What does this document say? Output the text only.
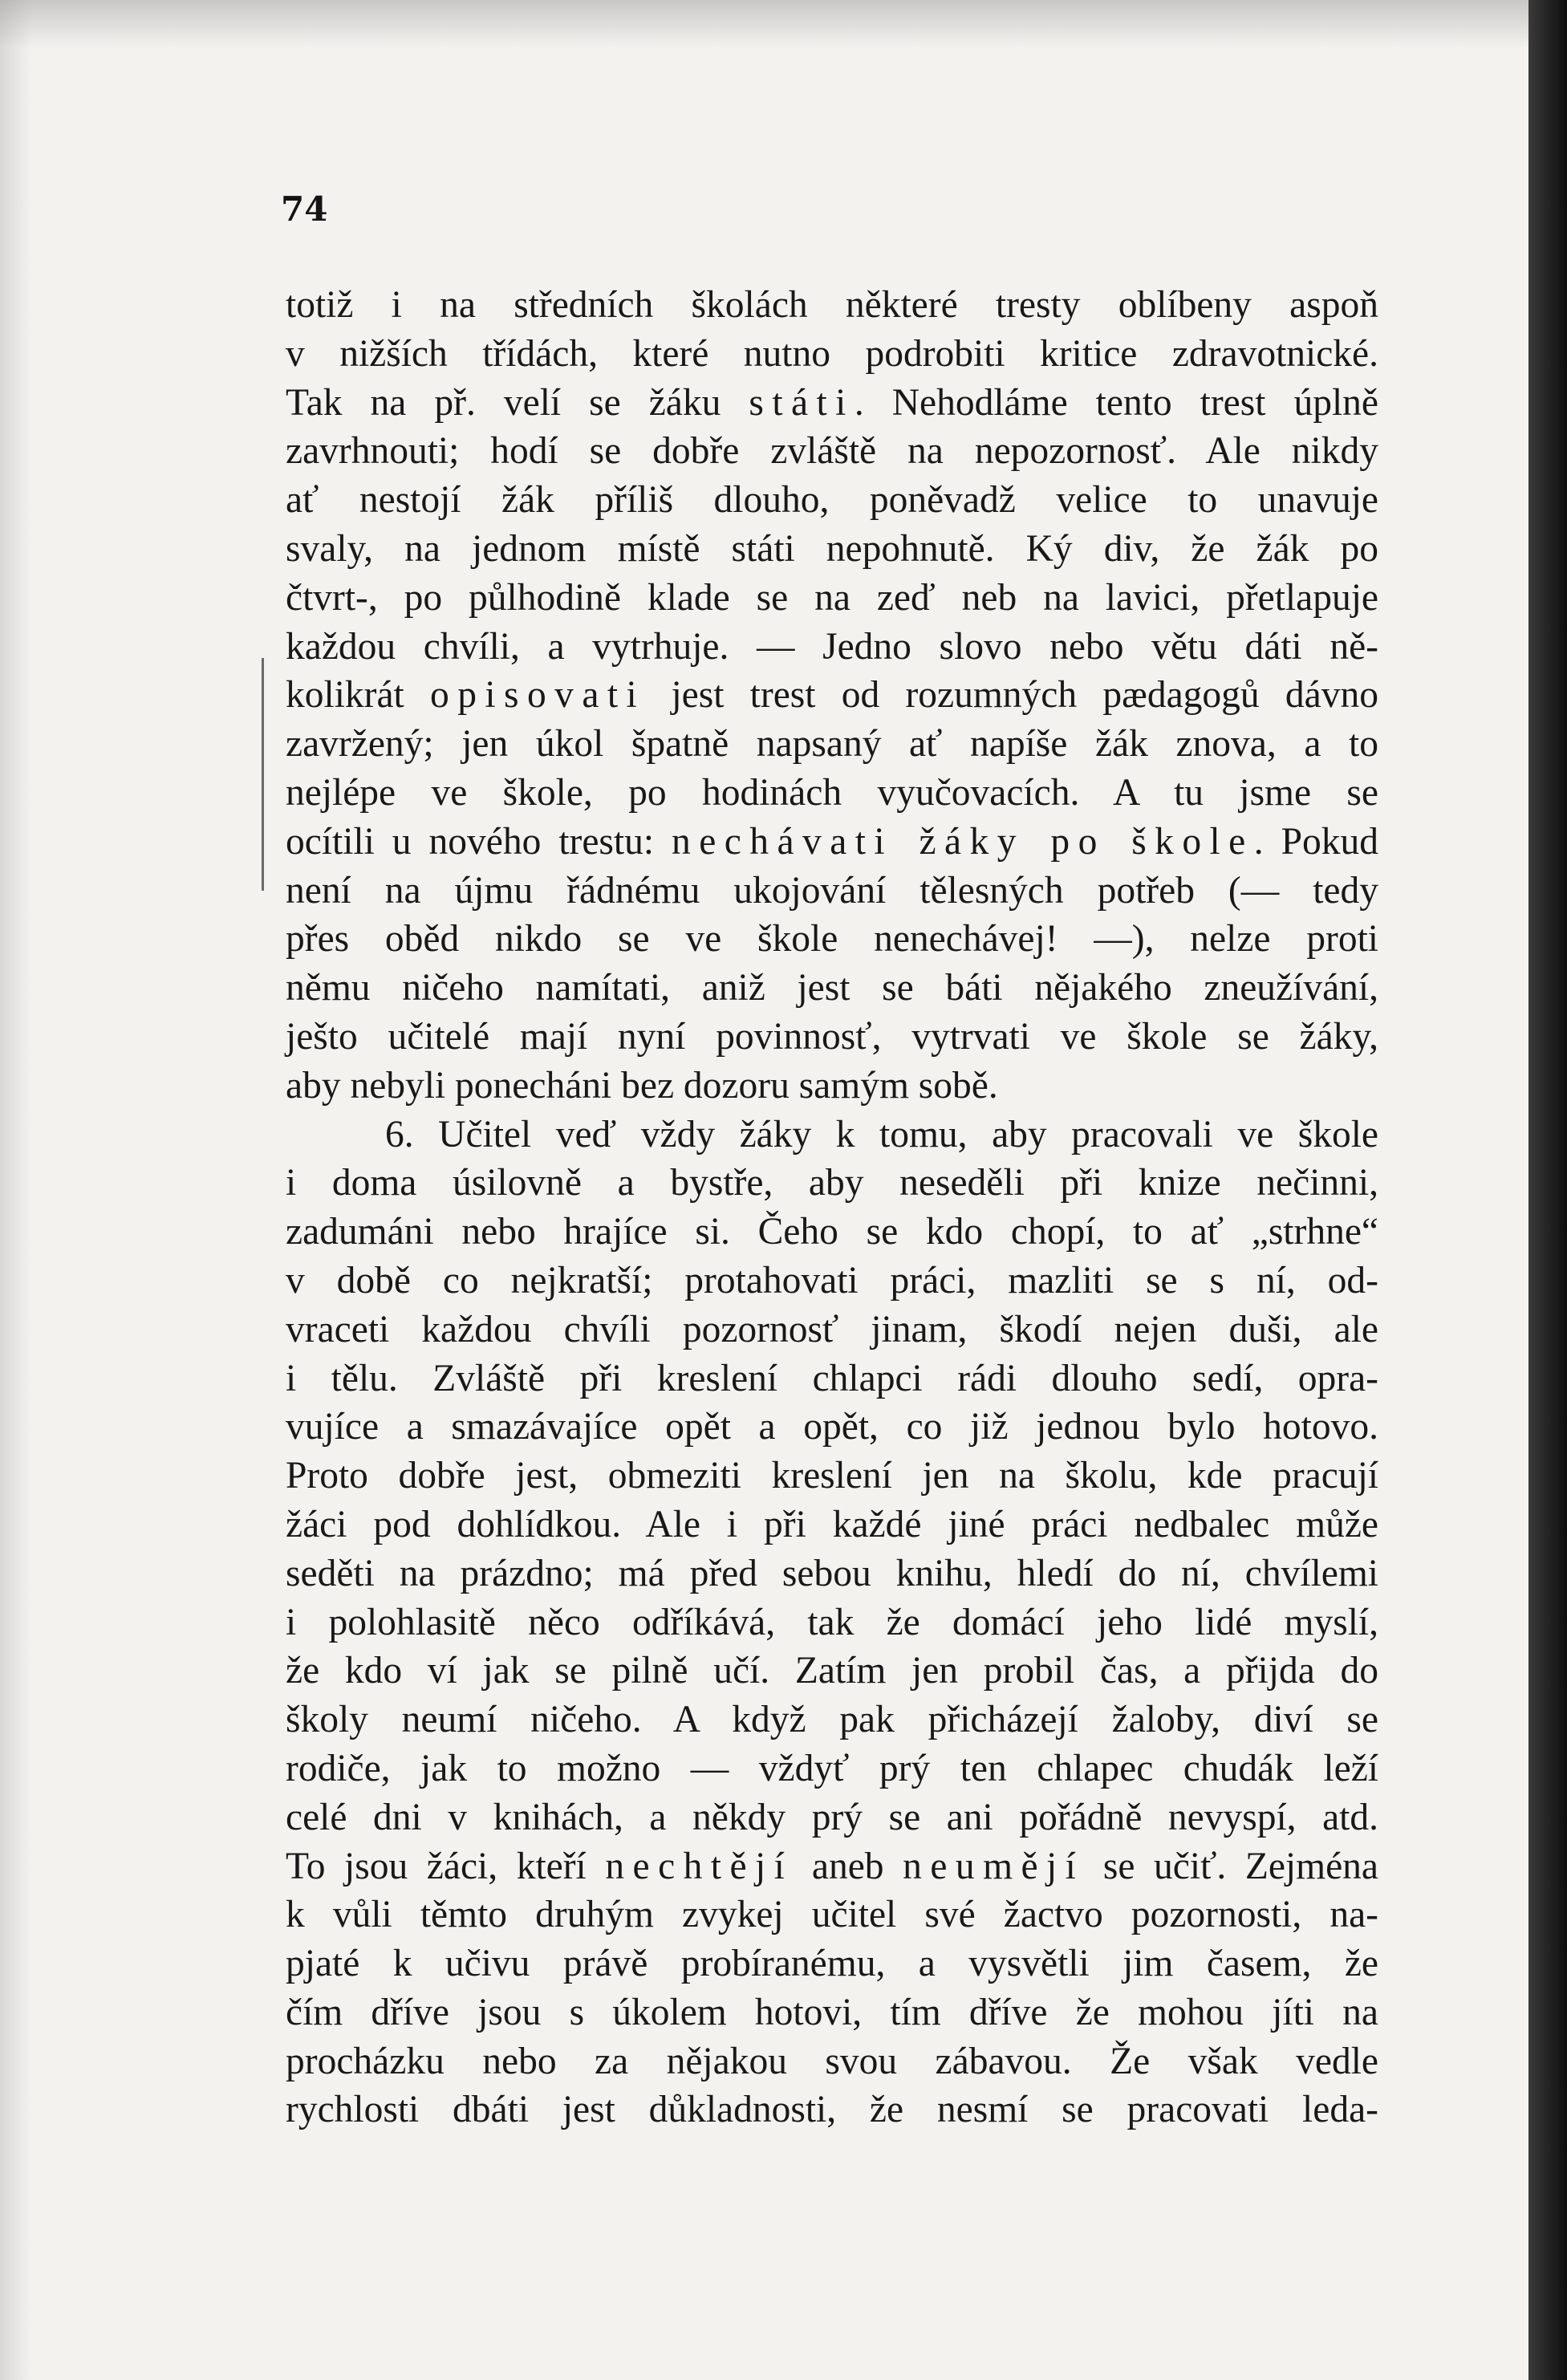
74

totiž i na středních školách některé tresty oblíbeny aspoň
v nižších třídách, které nutno podrobiti kritice zdravotnické.
Tak na př. velí se žáku státi. Nehodláme tento trest úplně
zavrhnouti; hodí se dobře zvláště na nepozornosť. Ale nikdy
ať nestojí žák příliš dlouho, poněvadž velice to unavuje
svaly, na jednom místě státi nepohnutě. Ký div, že žák po
čtvrt-, po půlhodině klade se na zeď neb na lavici, přetlapuje
každou chvíli, a vytrhuje. — Jedno slovo nebo větu dáti ně-
kolikrát opisovati jest trest od rozumných pædagogů dávno
zavržený; jen úkol špatně napsaný ať napíše žák znova, a to
nejlépe ve škole, po hodinách vyučovacích. A tu jsme se
ocítili u nového trestu: nechávati žáky po škole. Pokud
není na újmu řádnému ukojování tělesných potřeb (— tedy
přes oběd nikdo se ve škole nenechávej! —), nelze proti
němu ničeho namítati, aniž jest se báti nějakého zneužívání,
ješto učitelé mají nyní povinnosť, vytrvati ve škole se žáky,
aby nebyli ponecháni bez dozoru samým sobě.
6. Učitel veď vždy žáky k tomu, aby pracovali ve škole
i doma úsilovně a bystře, aby neseděli při knize nečinni,
zadumáni nebo hrajíce si. Čeho se kdo chopí, to ať „strhne“
v době co nejkratší; protahovati práci, mazliti se s ní, od-
vraceti každou chvíli pozornosť jinam, škodí nejen duši, ale
i tělu. Zvláště při kreslení chlapci rádi dlouho sedí, opra-
vujíce a smazávajíce opět a opět, co již jednou bylo hotovo.
Proto dobře jest, obmeziti kreslení jen na školu, kde pracují
žáci pod dohlídkou. Ale i při každé jiné práci nedbalec může
seděti na prázdno; má před sebou knihu, hledí do ní, chvílemi
i polohlasitě něco odříkává, tak že domácí jeho lidé myslí,
že kdo ví jak se pilně učí. Zatím jen probil čas, a přijda do
školy neumí ničeho. A když pak přicházejí žaloby, diví se
rodiče, jak to možno — vždyť prý ten chlapec chudák leží
celé dni v knihách, a někdy prý se ani pořádně nevyspí, atd.
To jsou žáci, kteří nechtějí aneb neumějí se učiť. Zejména
k vůli těmto druhým zvykej učitel své žactvo pozornosti, na-
pjaté k učivu právě probíranému, a vysvětli jim časem, že
čím dříve jsou s úkolem hotovi, tím dříve že mohou jíti na
procházku nebo za nějakou svou zábavou. Že však vedle
rychlosti dbáti jest důkladnosti, že nesmí se pracovati leda-
